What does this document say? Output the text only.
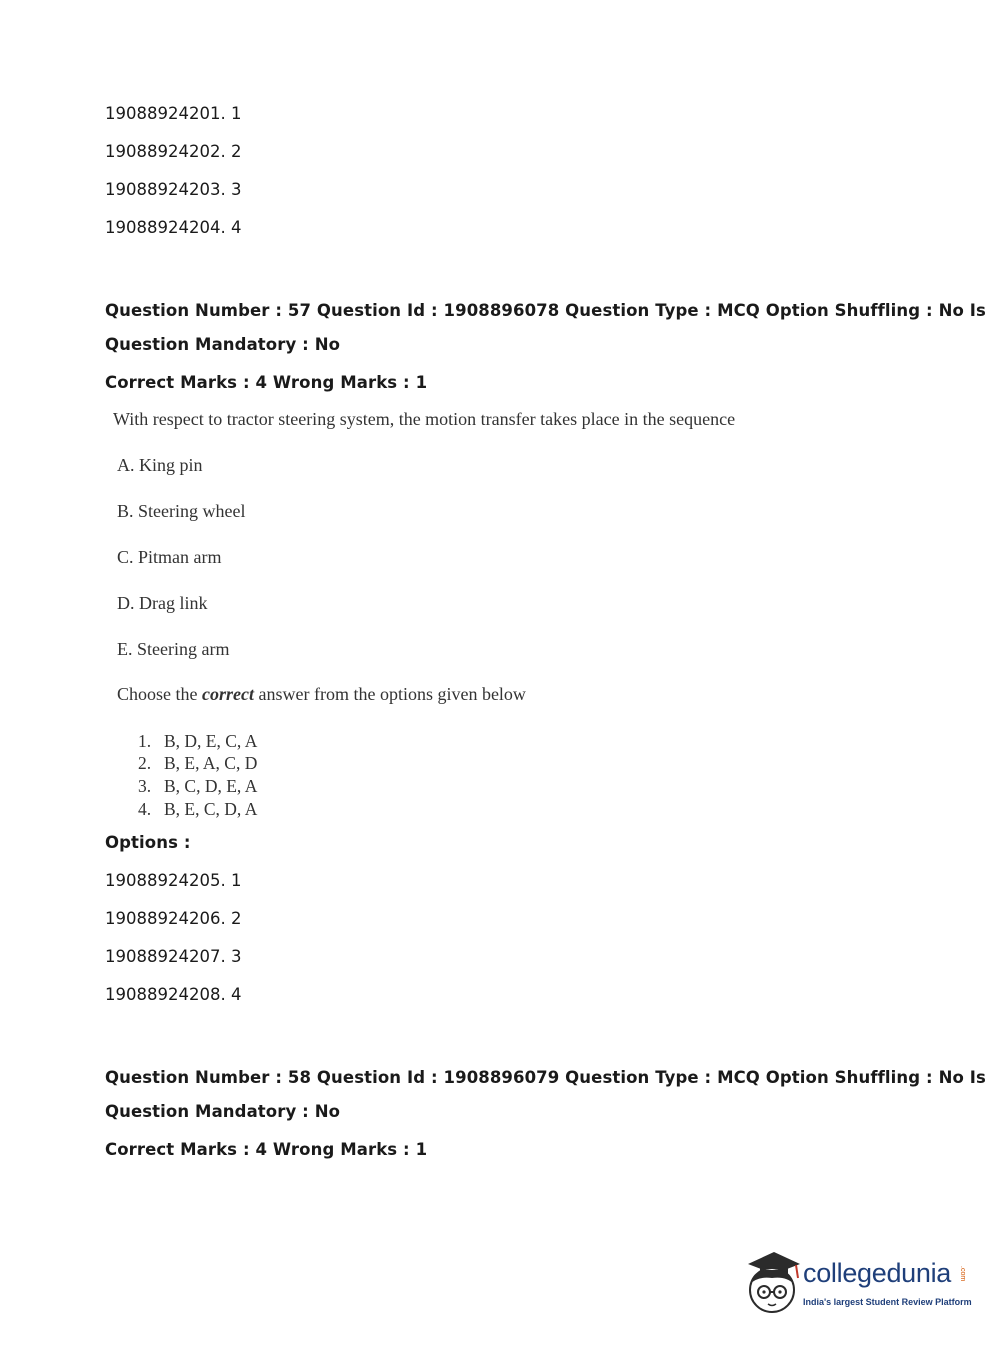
19088924201. 1
19088924202. 2
19088924203. 3
19088924204. 4
Question Number : 57 Question Id : 1908896078 Question Type : MCQ Option Shuffling : No Is
Question Mandatory : No
Correct Marks : 4 Wrong Marks : 1
With respect to tractor steering system, the motion transfer takes place in the sequence
A. King pin
B. Steering wheel
C. Pitman arm
D. Drag link
E. Steering arm
Choose the correct answer from the options given below
1. B, D, E, C, A
2. B, E, A, C, D
3. B, C, D, E, A
4. B, E, C, D, A
Options :
19088924205. 1
19088924206. 2
19088924207. 3
19088924208. 4
Question Number : 58 Question Id : 1908896079 Question Type : MCQ Option Shuffling : No Is
Question Mandatory : No
Correct Marks : 4 Wrong Marks : 1
collegedunia .com
India's largest Student Review Platform
